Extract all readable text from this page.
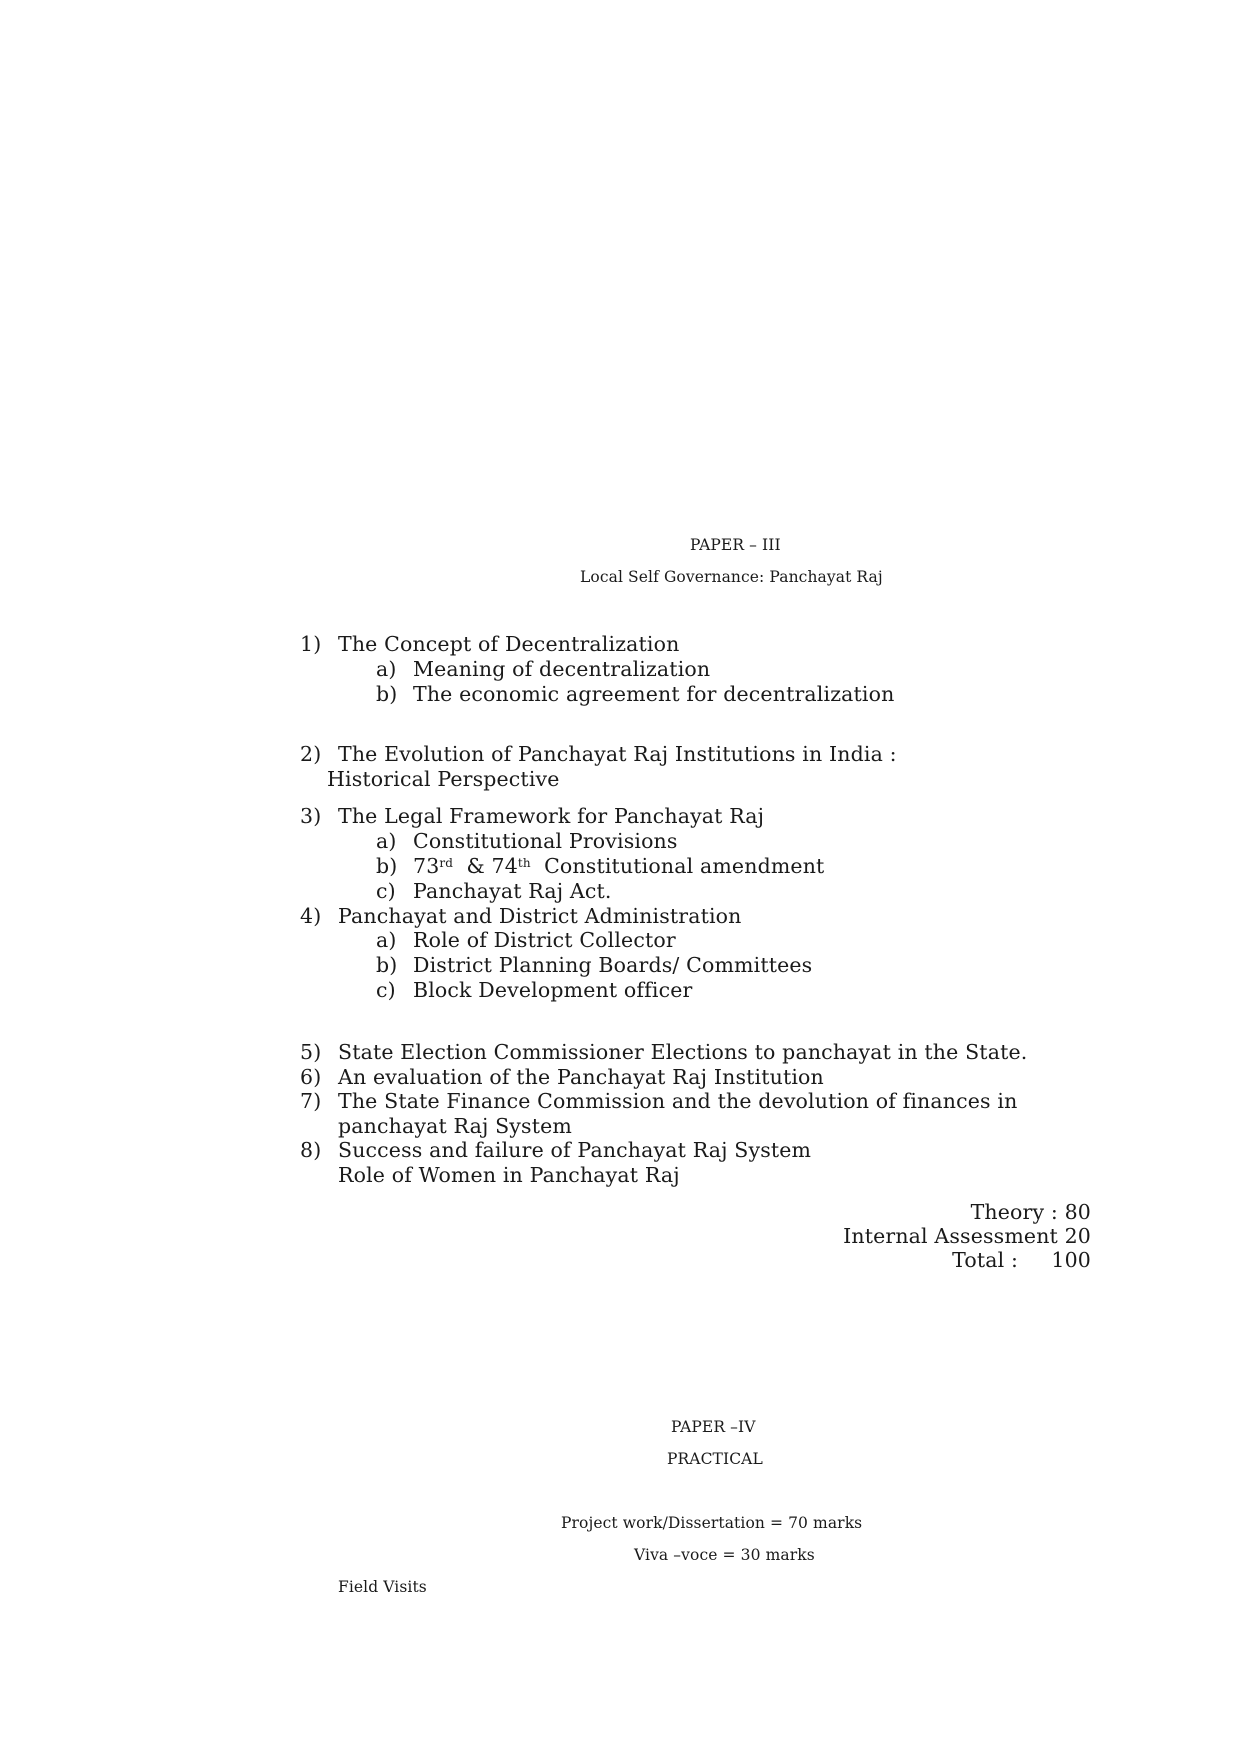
PAPER – III
Local Self Governance: Panchayat Raj
1) The Concept of Decentralization
a) Meaning of decentralization
b) The economic agreement for decentralization
2) The Evolution of Panchayat Raj Institutions in India :
Historical Perspective
3) The Legal Framework for Panchayat Raj
a) Constitutional Provisions
b) 73rd  & 74th  Constitutional amendment
c) Panchayat Raj Act.
4) Panchayat and District Administration
a) Role of District Collector
b) District Planning Boards/ Committees
c) Block Development officer
5) State Election Commissioner Elections to panchayat in the State.
6) An evaluation of the Panchayat Raj Institution
7) The State Finance Commission and the devolution of finances in
panchayat Raj System
8) Success and failure of Panchayat Raj System
Role of Women in Panchayat Raj
Theory : 80
Internal Assessment 20
Total :     100
PAPER –IV
PRACTICAL
Project work/Dissertation = 70 marks
Viva –voce = 30 marks
Field Visits
